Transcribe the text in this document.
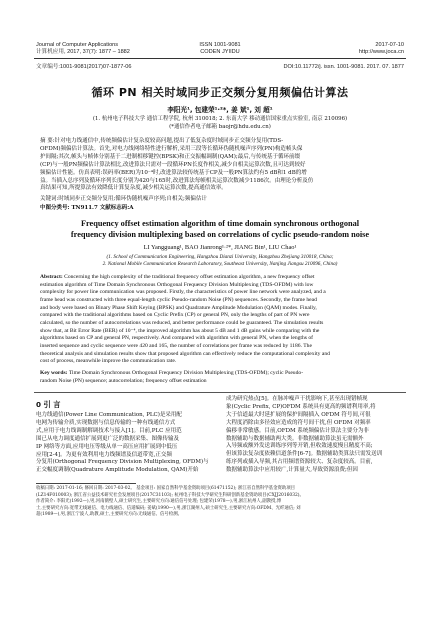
Journal of Computer Applications
计算机应用, 2017, 37(7): 1877 – 1882
ISSN 1001-9081
CODEN JYIIDU
2017-07-10
http://www.joca.cn
文章编号:1001-9081(2017)07-1877-06	DOI:10.11772/j. issn. 1001-9081. 2017. 07. 1877
循环 PN 相关时域同步正交频分复用频偏估计算法
李阳光¹, 包建荣¹·²*, 姜 斌¹, 刘 超¹
(1. 杭州电子科技大学 通信工程学院, 杭州 310018; 2. 东南大学 移动通信国家重点实验室, 南京 210096)
(*通信作者电子邮箱 baojr@hdu.edu.cn)
摘 要:针对电力线通信中,传统频偏估计复杂度较高问题,提出了低复杂度时域同步正交频分复用(TDS-
OFDM)频偏估计算法。首先,对电力线网络特性进行解析,采用三段等长循环伪随机噪声序列(PN)构造帧头保
护间隔;其次,帧头与帧体分别基于二进制相移键控(BPSK)和正交振幅调制(QAM);最后,与传统基于循环前缀
(CP)与一般PN频偏估计算法相比,改进算法只需对一段循环PN长度作相关,减少自相关运算次数,且可达到较好
频偏估计性能。仿真表明:误码率(BER)为10⁻⁴时,改进算法较传统基于CP及一般PN算法约有5 dB和1 dB的增
益。当插入总序列及循环序列长度分别为420与165时,改进算法每帧相关运算次数减少1186次。由理论分析及仿
真结果可知,所提算法有效降低计算复杂度,减少相关运算次数,提高通信效率。
关键词:时域同步正交频分复用;循环伪随机噪声序列;自相关;频偏估计
中图分类号: TN911.7 文献标志码:A
Frequency offset estimation algorithm of time domain synchronous orthogonal
frequency division multiplexing based on correlations of cyclic pseudo-random noise
LI Yangguang¹, BAO Jianrong¹·²*, JIANG Bin¹, LIU Chao¹
(1. School of Communication Engineering, Hangzhou Dianzi University, Hangzhou Zhejiang 310018, China;
2. National Mobile Communication Research Laboratory, Southeast University, Nanjing Jiangsu 210096, China)
Abstract: Concerning the high complexity of the traditional frequency offset estimation algorithm, a new frequency offset
estimation algorithm of Time Domain Synchronous Orthogonal Frequency Division Multiplexing (TDS-OFDM) with low
complexity for power line communication was proposed. Firstly, the characteristics of power line network were analyzed, and a
frame head was constructed with three equal-length cyclic Pseudo-random Noise (PN) sequences. Secondly, the frame head
and body were based on Binary Phase Shift Keying (BPSK) and Quadrature Amplitude Modulation (QAM) modes. Finally,
compared with the traditional algorithms based on Cyclic Prefix (CP) or general PN, only the lengths of part of PN were
calculated, so the number of autocorrelations was reduced, and better performance could be guaranteed. The simulation results
show that, at Bit Error Rate (BER) of 10⁻⁴, the improved algorithm has about 5 dB and 1 dB gains while comparing with the
algorithms based on CP and general PN, respectively. And compared with algorithm with general PN, when the lengths of
inserted sequence and cyclic sequence were 420 and 165, the number of correlations per frame was reduced by 1186. The
theoretical analysis and simulation results show that proposed algorithm can effectively reduce the computational complexity and
cost of process, meanwhile improve the communication rate.
Key words: Time Domain Synchronous Orthogonal Frequency Division Multiplexing (TDS-OFDM); cyclic Pseudo-
random Noise (PN) sequence; autocorrelation; frequency offset estimation
0 引 言
电力线通信(Power Line Communication, PLC)是采用配
电网为传输介质,实现数据与信息传输的一种有线通信方式
式,应用于电力线调制解调技术与接入[1]。目前,PLC 应用范
围已从电力调度通信扩展到更广泛的数据采集、图像传输及
IP 网络等方面,应用电压等级从单一高压应用扩展到中低压
应用[2-4]。为更有效利用电力线频谱及信道带宽,正交频
分复用(Orthogonal Frequency Division Multiplexing, OFDM)与
正交幅度调制(Quadrature Amplitude Modulation, QAM)开始
成为研究热点[5]。在脉冲噪声干扰影响下,甚至出现错帧现
象(Cyclic Prefix, CP)OFDM 系统具有更高的频谱利用率,将
大于信道最大时延扩展的保护间隔插入 OFDM 符号间,可很
大程度消除由多径效应造成的符号间干扰,但 OFDM 对频率
偏移非常敏感。目前,OFDM 系统频偏估计算法主要分为非
数据辅助与数据辅助两大类。非数据辅助算法虽无需额外
入导频或额外发送训练序列等开销,但收敛速度慢且精度不高;
但该算法复杂度依赖信道条件[6-7]。数据辅助类算法只需发送训
练序列或插入导频,其占用频谱资源较大、复杂度较高。目前,
数据辅助算法中应用较广,计算量大,导致资源浪费;但因
收稿日期: 2017-01-16; 修回日期: 2017-03-02。 基金项目: 国家自然科学基金资助项目(61471152); 浙江省自然科学基金资助项目
(LZ14F010003); 浙江省公益技术研究社会发展项目(2017C31103); 杭州电子科技大学研究生科研创新基金资助项目(CXJJ2016032)。
作者简介: 李阳光(1992—),男,河南鹤壁人,硕士研究生,主要研究方向:通信信号处理; 包建荣(1978—),男,浙江杭州人,副教授,博
士,主要研究方向:宽带无线通信、电力线通信、信道编码; 姜斌(1990—),男,浙江湖州人,硕士研究生,主要研究方向:OFDM、光纤通信; 刘
超(1989—),男,浙江宁波人,助教,硕士,主要研究方向:无线通信、信号检测。
